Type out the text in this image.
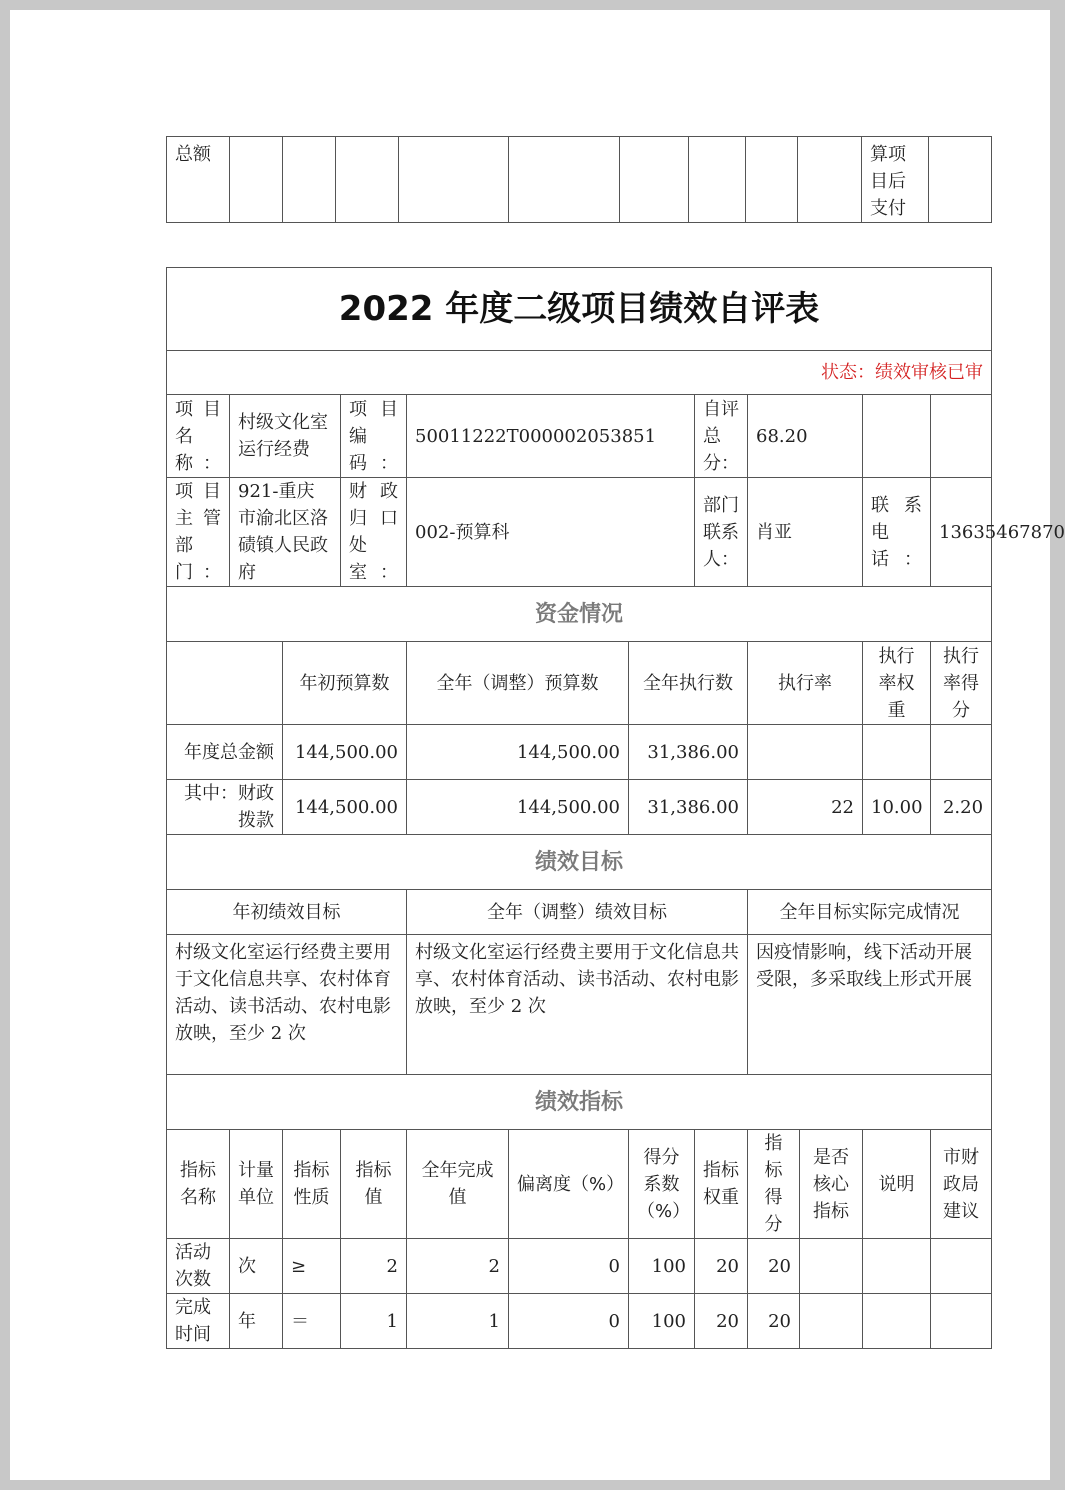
总额										算项目后支付	
2022 年度二级项目绩效自评表											
状态：绩效审核已审											
项目名称：	村级文化室运行经费		项目编码：	50011222T000002053851			自评总分：	68.20			
项目主管部门：	921-重庆市渝北区洛碛镇人民政府		财政归口处室：	002-预算科			部门联系人：	肖亚		联系电话：	13635467870
资金情况											
		年初预算数		全年（调整）预算数		全年执行数		执行率		执行率权重	执行率得分
年度总金额		144,500.00		144,500.00		31,386.00					
其中：财政拨款		144,500.00		144,500.00		31,386.00		22		10.00	2.20
绩效目标											
年初绩效目标				全年（调整）绩效目标				全年目标实际完成情况			
村级文化室运行经费主要用于文化信息共享、农村体育活动、读书活动、农村电影放映，至少 2 次				村级文化室运行经费主要用于文化信息共享、农村体育活动、读书活动、农村电影放映，至少 2 次				因疫情影响，线下活动开展受限，多采取线上形式开展			
绩效指标											
指标名称	计量单位	指标性质	指标值	全年完成值	偏离度（%）	得分系数（%）	指标权重	指标得分	是否核心指标	说明	市财政局建议
活动次数	次	≥	2	2	0	100	20	20			
完成时间	年	＝	1	1	0	100	20	20			
